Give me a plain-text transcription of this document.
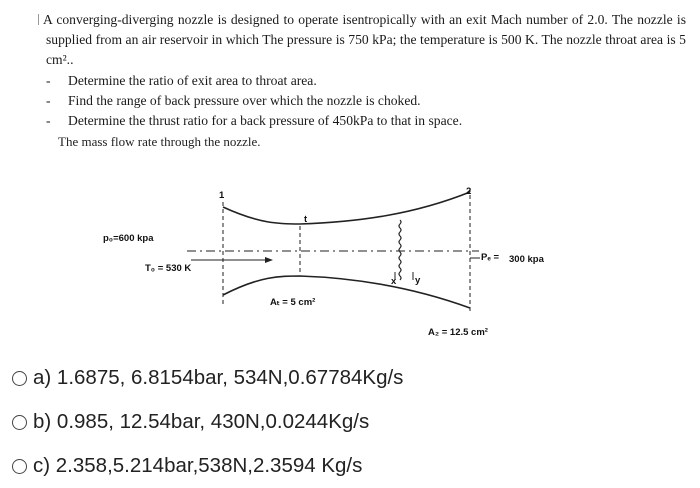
A converging-diverging nozzle is designed to operate isentropically with an exit Mach number of 2.0. The nozzle is supplied from an air reservoir in which The pressure is 750 kPa; the temperature is 500 K. The nozzle throat area is 5 cm²..

- Determine the ratio of exit area to throat area.
- Find the range of back pressure over which the nozzle is choked.
- Determine the thrust ratio for a back pressure of 450kPa to that in space.
The mass flow rate through the nozzle.
1	2
t
x y
p₀=600 kpa
T₀ = 530 K
Pₑ = 300 kpa
Aₜ = 5 cm²
A₂ = 12.5 cm²
a) 1.6875, 6.8154bar, 534N,0.67784Kg/s
b) 0.985, 12.54bar, 430N,0.0244Kg/s
c) 2.358,5.214bar,538N,2.3594 Kg/s
